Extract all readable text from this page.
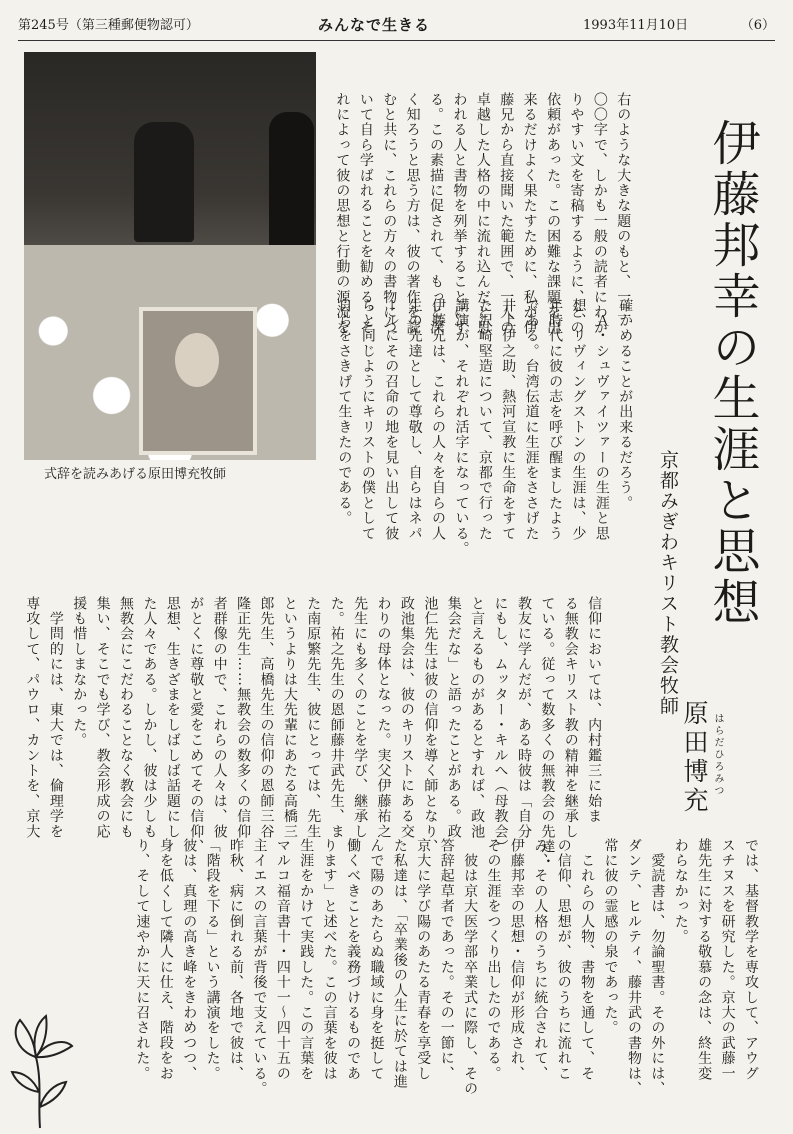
第245号（第三種郵便物認可）	みんなで生きる	1993年11月10日	（6）
式辞を読みあげる原田博充牧師	伊藤邦幸の生涯と思想
京都みぎわキリスト教会牧師
はらだひろみつ
原田博充
右のような大きな題のもと、一二
〇〇字で、しかも一般の読者にわか
りやすい文を寄稿するように、との
依頼があった。この困難な課題を出
来るだけよく果たすために、私が伊
藤兄から直接聞いた範囲で、一人の
卓越した人格の中に流れ込んだと思
われる人と書物を列挙することにす
る。この素描に促されて、もっと深
く知ろうと思う方は、彼の著作を読
むと共に、これらの方々の書物につ
いて自ら学ばれることを勧める。そ
れによって彼の思想と行動の源流を
確かめることが出来るだろう。
　Ａ・シュヴァイツァーの生涯と思
想、リヴィングストンの生涯は、少
年時代に彼の志を呼び醒ましたよう
である。台湾伝道に生涯をささげた
井上伊之助、熱河宣教に生命をすて
た沢崎堅造について、京都で行った
講演が、それぞれ活字になっている。
伊藤兄は、これらの人々を自らの人
生の先達として尊敬し、自らはネパ
ールにその召命の地を見い出して彼
らと同じようにキリストの僕として
自らをさきげて生きたのである。
信仰においては、内村鑑三に始ま
る無教会キリスト教の精神を継承し
ている。従って数多くの無教会の先達・
教友に学んだが、ある時彼は「自分
にもし、ムッター・キルへ（母教会）
と言えるものがあるとすれば、政池
集会だな」と語ったことがある。政
池仁先生は彼の信仰を導く師となり、
政池集会は、彼のキリストにある交
わりの母体となった。実父伊藤祐之
先生にも多くのことを学び、継承し
た。祐之先生の恩師藤井武先生、ま
た南原繁先生、彼にとっては、先生
というよりは大先輩にあたる高橋三
郎先生、高橋先生の信仰の恩師三谷
隆正先生……無教会の数多くの信仰
者群像の中で、これらの人々は、彼
がとくに尊敬と愛をこめてその信仰、
思想、生きざまをしばしば話題にし
た人々である。しかし、彼は少しも
無教会にこだわることなく教会にも
集い、そこでも学び、教会形成の応
援も惜しまなかった。
　学問的には、東大では、倫理学を
専攻して、パウロ、カントを、京大
では、基督教学を専攻して、アウグ
スチヌスを研究した。京大の武藤一
雄先生に対する敬慕の念は、終生変
わらなかった。
　愛読書は、勿論聖書。その外には、
ダンテ、ヒルティ、藤井武の書物は、
常に彼の霊感の泉であった。
　これらの人物、書物を通して、そ
の信仰、思想が、彼のうちに流れこ
み、その人格のうちに統合されて、
伊藤邦幸の思想・信仰が形成され、
その生涯をつくり出したのである。
　彼は京大医学部卒業式に際し、その
答辞起草者であった。その一節に、
京大に学び陽のあたる青春を享受し
た私達は、「卒業後の人生に於ては進
んで陽のあたらぬ職域に身を挺して
働くべきことを義務づけるものであ
ります」と述べた。この言葉を彼は
生涯をかけて実践した。この言葉を
マルコ福音書十・四十一〜四十五の
主イエスの言葉が背後で支えている。
昨秋、病に倒れる前、各地で彼は、
「階段を下る」という講演をした。
彼は、真理の高き峰をきわめつつ、
身を低くして隣人に仕え、階段をお
り、そして速やかに天に召された。
